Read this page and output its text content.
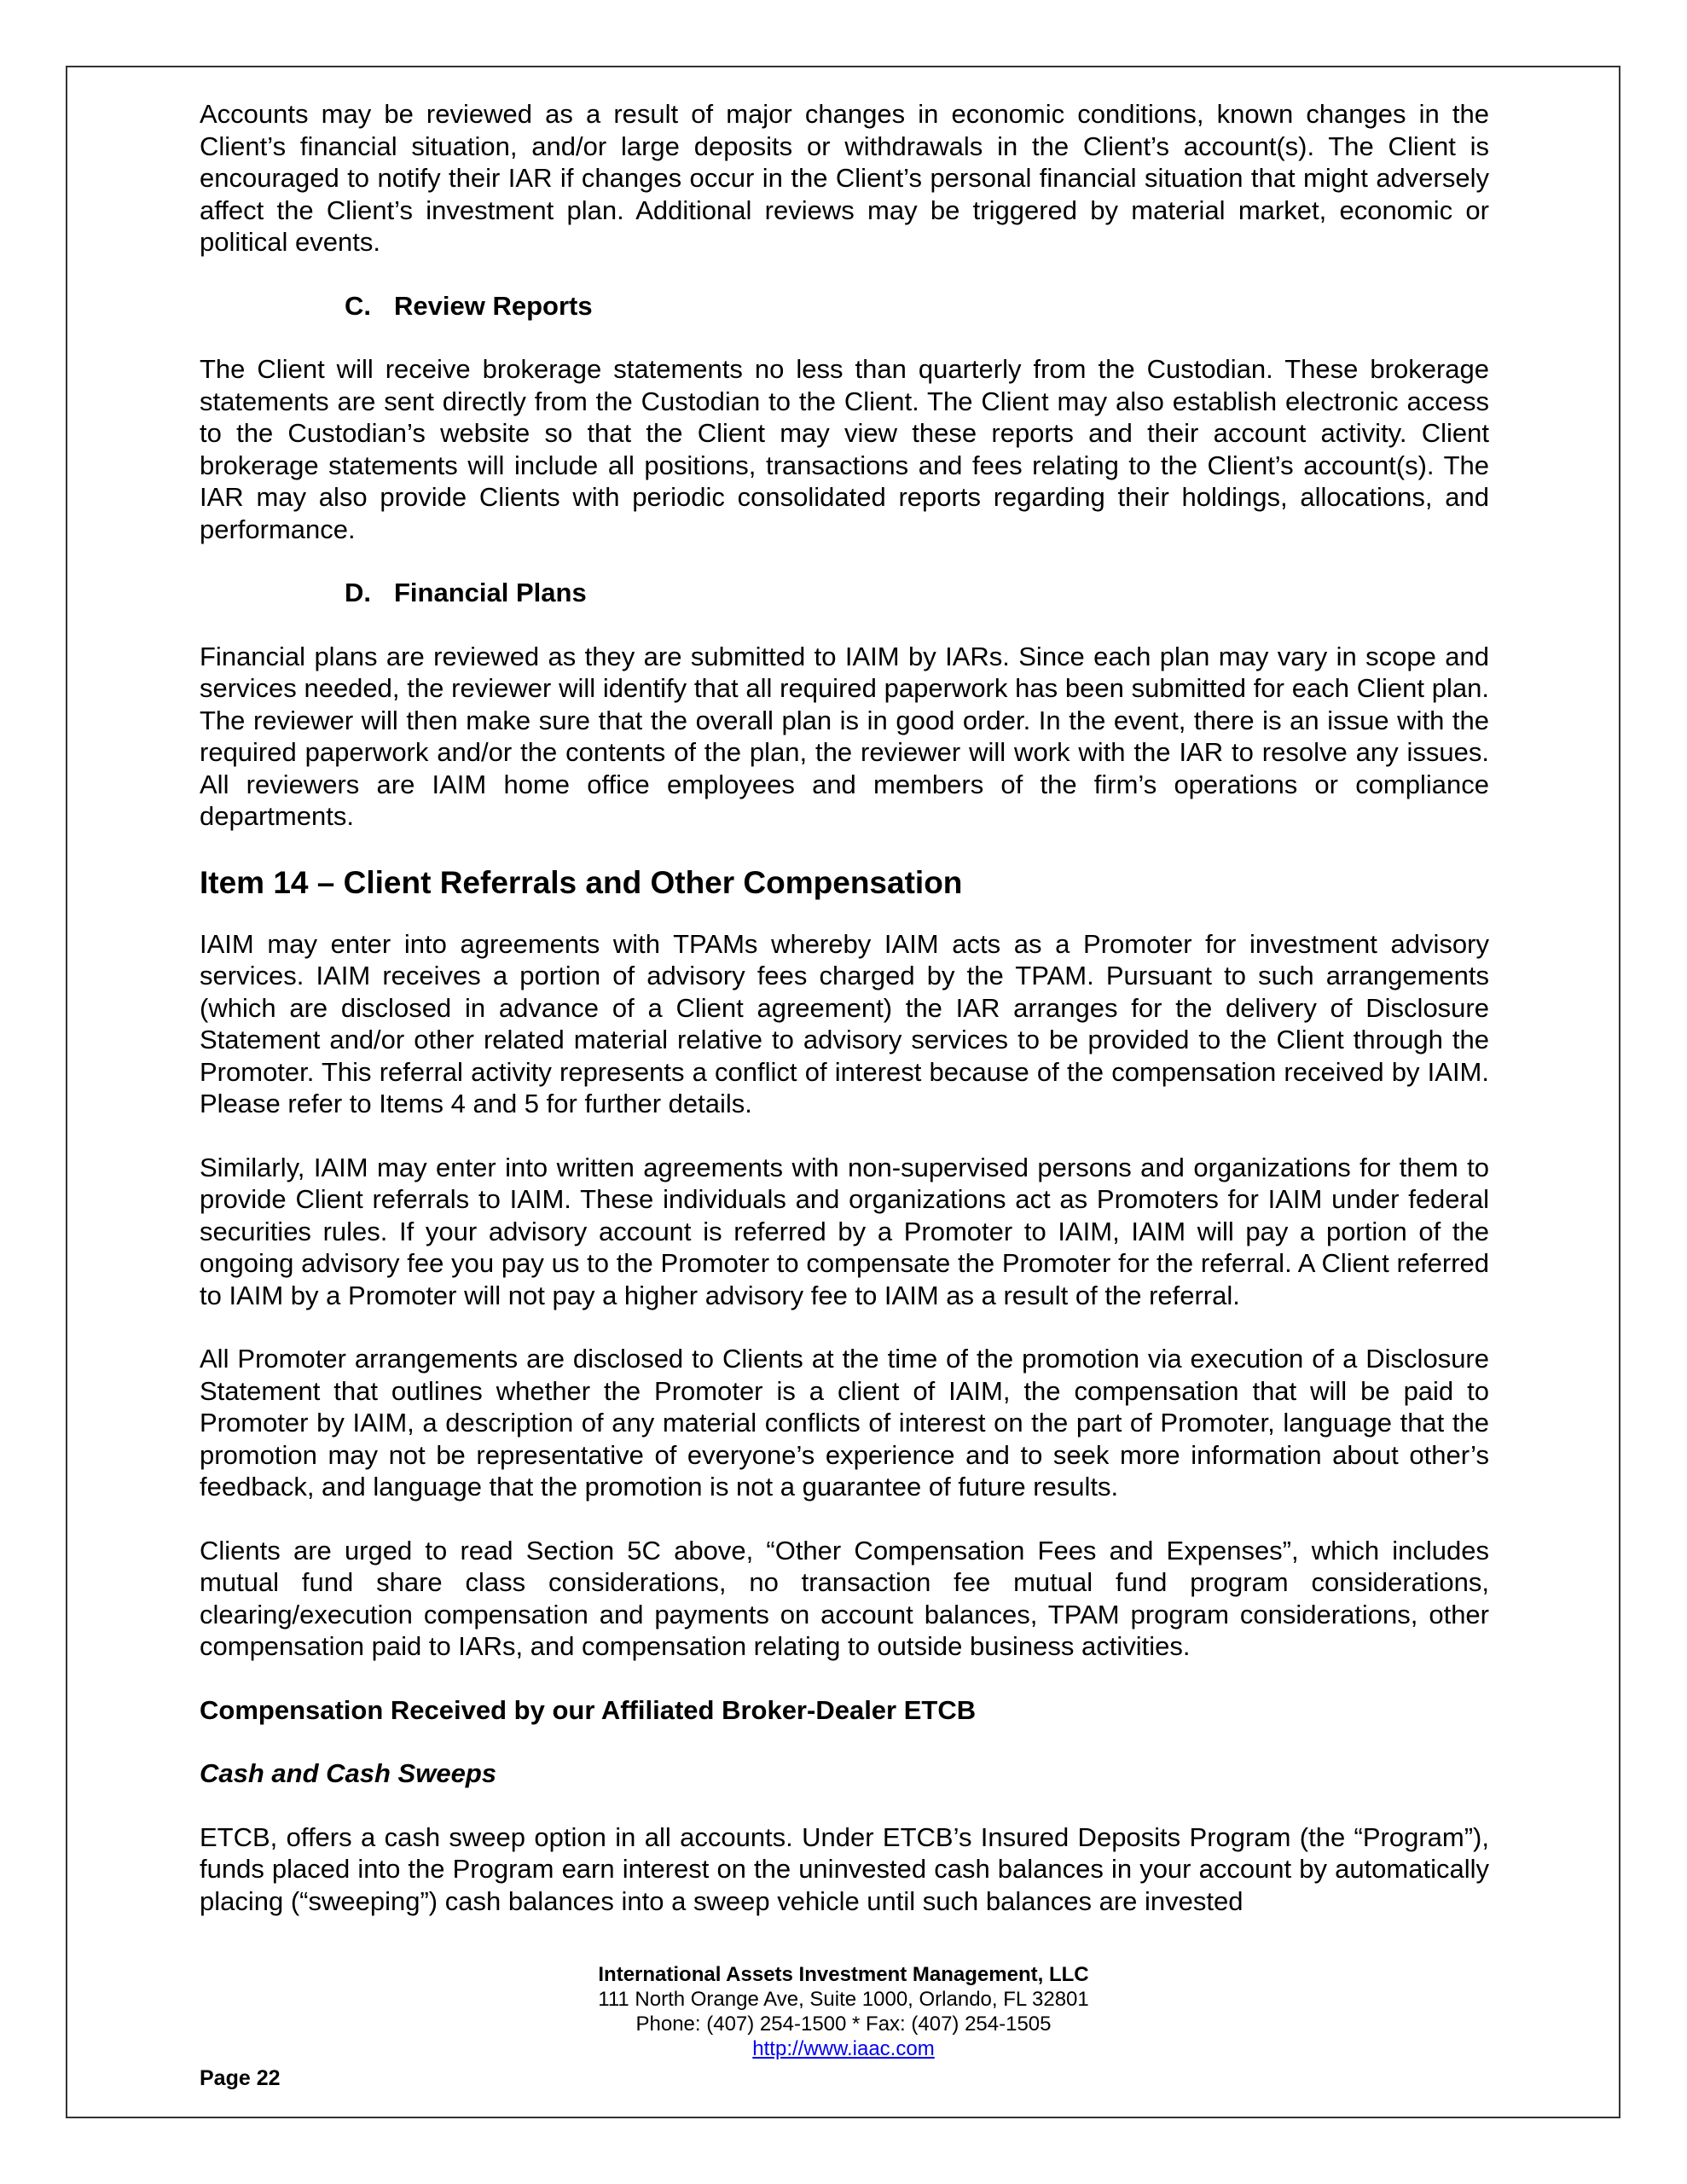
Accounts may be reviewed as a result of major changes in economic conditions, known changes in the Client’s financial situation, and/or large deposits or withdrawals in the Client’s account(s). The Client is encouraged to notify their IAR if changes occur in the Client’s personal financial situation that might adversely affect the Client’s investment plan. Additional reviews may be triggered by material market, economic or political events.

C. Review Reports

The Client will receive brokerage statements no less than quarterly from the Custodian. These brokerage statements are sent directly from the Custodian to the Client. The Client may also establish electronic access to the Custodian’s website so that the Client may view these reports and their account activity. Client brokerage statements will include all positions, transactions and fees relating to the Client’s account(s). The IAR may also provide Clients with periodic consolidated reports regarding their holdings, allocations, and performance.

D. Financial Plans

Financial plans are reviewed as they are submitted to IAIM by IARs. Since each plan may vary in scope and services needed, the reviewer will identify that all required paperwork has been submitted for each Client plan. The reviewer will then make sure that the overall plan is in good order. In the event, there is an issue with the required paperwork and/or the contents of the plan, the reviewer will work with the IAR to resolve any issues. All reviewers are IAIM home office employees and members of the firm’s operations or compliance departments.

Item 14 – Client Referrals and Other Compensation

IAIM may enter into agreements with TPAMs whereby IAIM acts as a Promoter for investment advisory services. IAIM receives a portion of advisory fees charged by the TPAM. Pursuant to such arrangements (which are disclosed in advance of a Client agreement) the IAR arranges for the delivery of Disclosure Statement and/or other related material relative to advisory services to be provided to the Client through the Promoter. This referral activity represents a conflict of interest because of the compensation received by IAIM. Please refer to Items 4 and 5 for further details.

Similarly, IAIM may enter into written agreements with non-supervised persons and organizations for them to provide Client referrals to IAIM. These individuals and organizations act as Promoters for IAIM under federal securities rules. If your advisory account is referred by a Promoter to IAIM, IAIM will pay a portion of the ongoing advisory fee you pay us to the Promoter to compensate the Promoter for the referral. A Client referred to IAIM by a Promoter will not pay a higher advisory fee to IAIM as a result of the referral.

All Promoter arrangements are disclosed to Clients at the time of the promotion via execution of a Disclosure Statement that outlines whether the Promoter is a client of IAIM, the compensation that will be paid to Promoter by IAIM, a description of any material conflicts of interest on the part of Promoter, language that the promotion may not be representative of everyone’s experience and to seek more information about other’s feedback, and language that the promotion is not a guarantee of future results.

Clients are urged to read Section 5C above, “Other Compensation Fees and Expenses”, which includes mutual fund share class considerations, no transaction fee mutual fund program considerations, clearing/execution compensation and payments on account balances, TPAM program considerations, other compensation paid to IARs, and compensation relating to outside business activities.

Compensation Received by our Affiliated Broker-Dealer ETCB
Cash and Cash Sweeps

ETCB, offers a cash sweep option in all accounts. Under ETCB’s Insured Deposits Program (the “Program”), funds placed into the Program earn interest on the uninvested cash balances in your account by automatically placing (“sweeping”) cash balances into a sweep vehicle until such balances are invested

International Assets Investment Management, LLC
111 North Orange Ave, Suite 1000, Orlando, FL 32801
Phone: (407) 254-1500 * Fax: (407) 254-1505
http://www.iaac.com
Page 22
